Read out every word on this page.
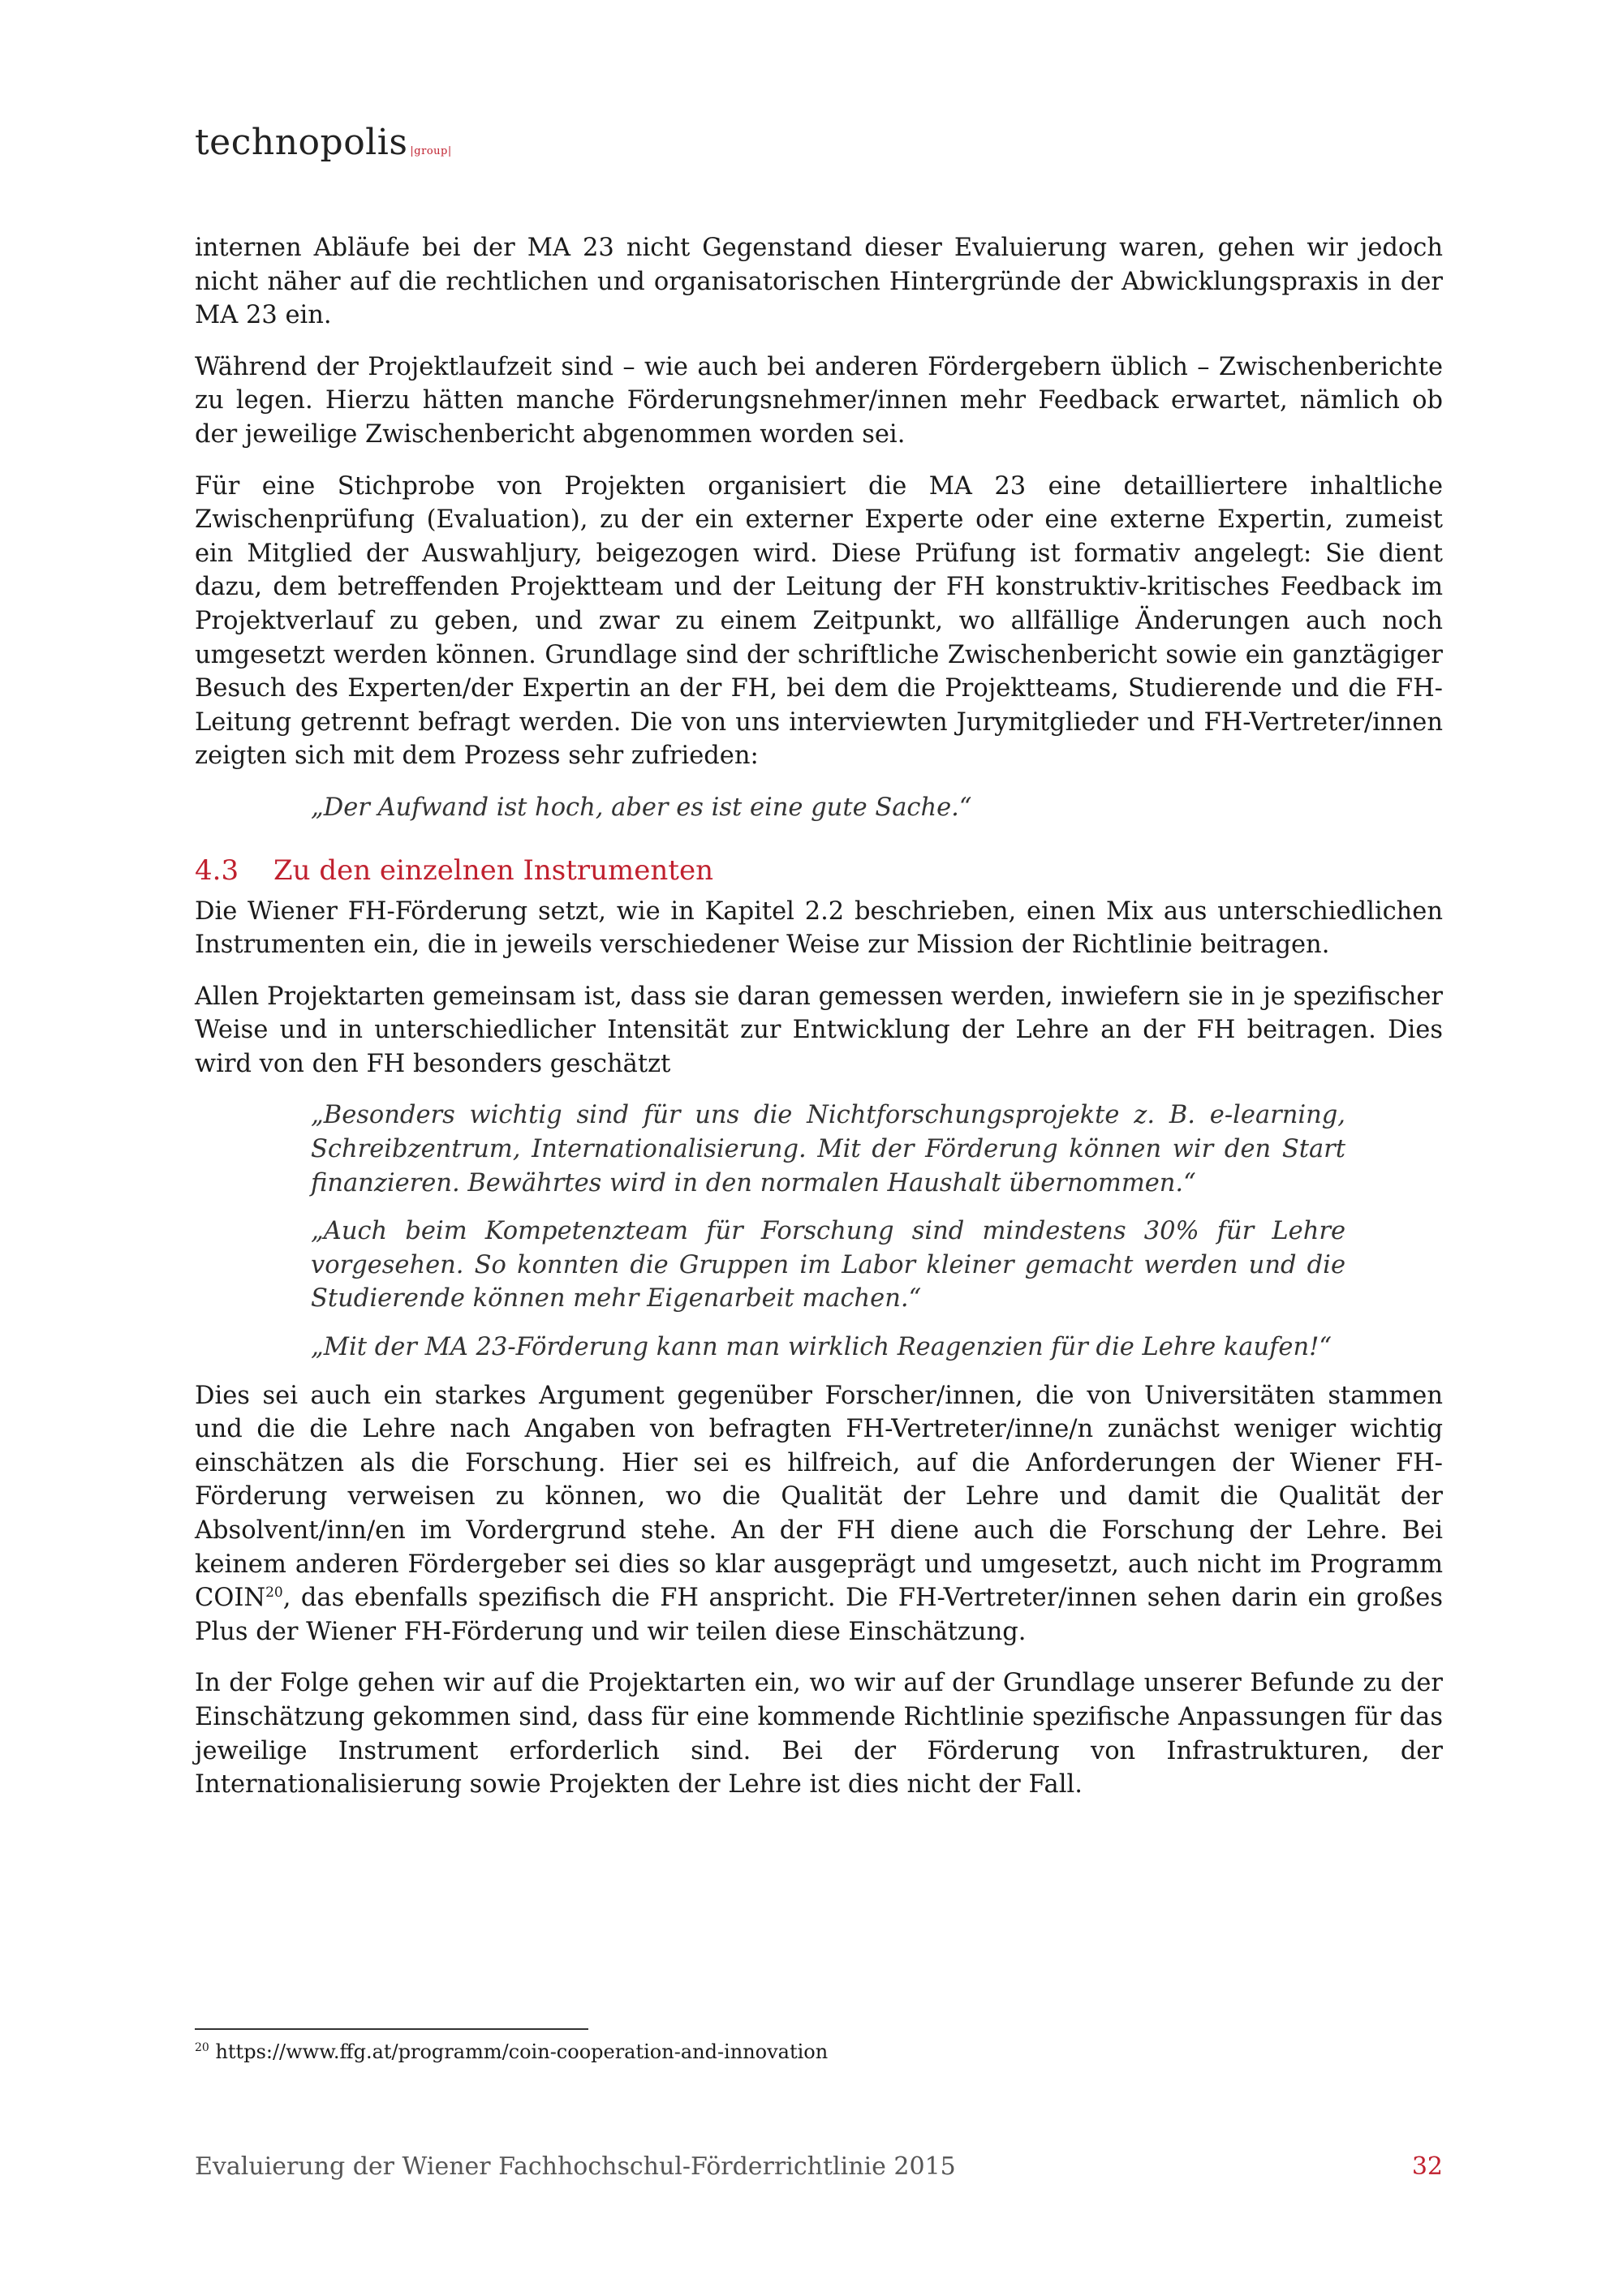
technopolis |group|

internen Abläufe bei der MA 23 nicht Gegenstand dieser Evaluierung waren, gehen wir jedoch nicht näher auf die rechtlichen und organisatorischen Hintergründe der Abwicklungspraxis in der MA 23 ein.

Während der Projektlaufzeit sind – wie auch bei anderen Fördergebern üblich – Zwischenberichte zu legen. Hierzu hätten manche Förderungsnehmer/innen mehr Feedback erwartet, nämlich ob der jeweilige Zwischenbericht abgenommen worden sei.

Für eine Stichprobe von Projekten organisiert die MA 23 eine detailliertere inhaltliche Zwischenprüfung (Evaluation), zu der ein externer Experte oder eine externe Expertin, zumeist ein Mitglied der Auswahljury, beigezogen wird. Diese Prüfung ist formativ angelegt: Sie dient dazu, dem betreffenden Projektteam und der Leitung der FH konstruktiv-kritisches Feedback im Projektverlauf zu geben, und zwar zu einem Zeitpunkt, wo allfällige Änderungen auch noch umgesetzt werden können. Grundlage sind der schriftliche Zwischenbericht sowie ein ganztägiger Besuch des Experten/der Expertin an der FH, bei dem die Projektteams, Studierende und die FH-Leitung getrennt befragt werden. Die von uns interviewten Jurymitglieder und FH-Vertreter/innen zeigten sich mit dem Prozess sehr zufrieden:

„Der Aufwand ist hoch, aber es ist eine gute Sache.“

4.3 Zu den einzelnen Instrumenten

Die Wiener FH-Förderung setzt, wie in Kapitel 2.2 beschrieben, einen Mix aus unterschiedlichen Instrumenten ein, die in jeweils verschiedener Weise zur Mission der Richtlinie beitragen.

Allen Projektarten gemeinsam ist, dass sie daran gemessen werden, inwiefern sie in je spezifischer Weise und in unterschiedlicher Intensität zur Entwicklung der Lehre an der FH beitragen. Dies wird von den FH besonders geschätzt

„Besonders wichtig sind für uns die Nichtforschungsprojekte z. B. e-learning, Schreibzentrum, Internationalisierung. Mit der Förderung können wir den Start finanzieren. Bewährtes wird in den normalen Haushalt übernommen.“

„Auch beim Kompetenzteam für Forschung sind mindestens 30% für Lehre vorgesehen. So konnten die Gruppen im Labor kleiner gemacht werden und die Studierende können mehr Eigenarbeit machen.“

„Mit der MA 23-Förderung kann man wirklich Reagenzien für die Lehre kaufen!“

Dies sei auch ein starkes Argument gegenüber Forscher/innen, die von Universitäten stammen und die die Lehre nach Angaben von befragten FH-Vertreter/inne/n zunächst weniger wichtig einschätzen als die Forschung. Hier sei es hilfreich, auf die Anforderungen der Wiener FH-Förderung verweisen zu können, wo die Qualität der Lehre und damit die Qualität der Absolvent/inn/en im Vordergrund stehe. An der FH diene auch die Forschung der Lehre. Bei keinem anderen Fördergeber sei dies so klar ausgeprägt und umgesetzt, auch nicht im Programm COIN$^{20}$, das ebenfalls spezifisch die FH anspricht. Die FH-Vertreter/innen sehen darin ein großes Plus der Wiener FH-Förderung und wir teilen diese Einschätzung.

In der Folge gehen wir auf die Projektarten ein, wo wir auf der Grundlage unserer Befunde zu der Einschätzung gekommen sind, dass für eine kommende Richtlinie spezifische Anpassungen für das jeweilige Instrument erforderlich sind. Bei der Förderung von Infrastrukturen, der Internationalisierung sowie Projekten der Lehre ist dies nicht der Fall.

$^{20}$ https://www.ffg.at/programm/coin-cooperation-and-innovation
Evaluierung der Wiener Fachhochschul-Förderrichtlinie 2015	32
